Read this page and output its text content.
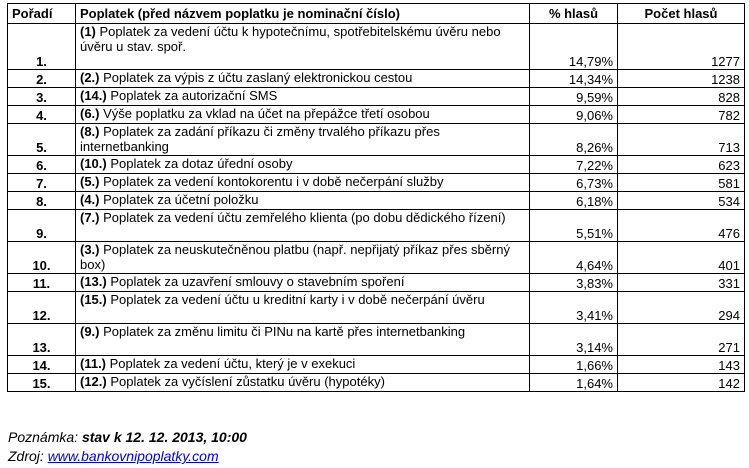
Pořadí	Poplatek (před názvem poplatku je nominační číslo)	% hlasů	Počet hlasů
1.	(1) Poplatek za vedení účtu k hypotečnímu, spotřebitelskému úvěru nebo úvěru u stav. spoř.	14,79%	1277
2.	(2.) Poplatek za výpis z účtu zaslaný elektronickou cestou	14,34%	1238
3.	(14.) Poplatek za autorizační SMS	9,59%	828
4.	(6.) Výše poplatku za vklad na účet na přepážce třetí osobou	9,06%	782
5.	(8.) Poplatek za zadání příkazu či změny trvalého příkazu přes internetbanking	8,26%	713
6.	(10.) Poplatek za dotaz úřední osoby	7,22%	623
7.	(5.) Poplatek za vedení kontokorentu i v době nečerpání služby	6,73%	581
8.	(4.) Poplatek za účetní položku	6,18%	534
9.	(7.) Poplatek za vedení účtu zemřelého klienta (po dobu dědického řízení)	5,51%	476
10.	(3.) Poplatek za neuskutečněnou platbu (např. nepřijatý příkaz přes sběrný box)	4,64%	401
11.	(13.) Poplatek za uzavření smlouvy o stavebním spoření	3,83%	331
12.	(15.) Poplatek za vedení účtu u kreditní karty i v době nečerpání úvěru	3,41%	294
13.	(9.) Poplatek za změnu limitu či PINu na kartě přes internetbanking	3,14%	271
14.	(11.) Poplatek za vedení účtu, který je v exekuci	1,66%	143
15.	(12.) Poplatek za vyčíslení zůstatku úvěru (hypotéky)	1,64%	142
Poznámka: stav k 12. 12. 2013, 10:00
Zdroj: www.bankovnipoplatky.com
